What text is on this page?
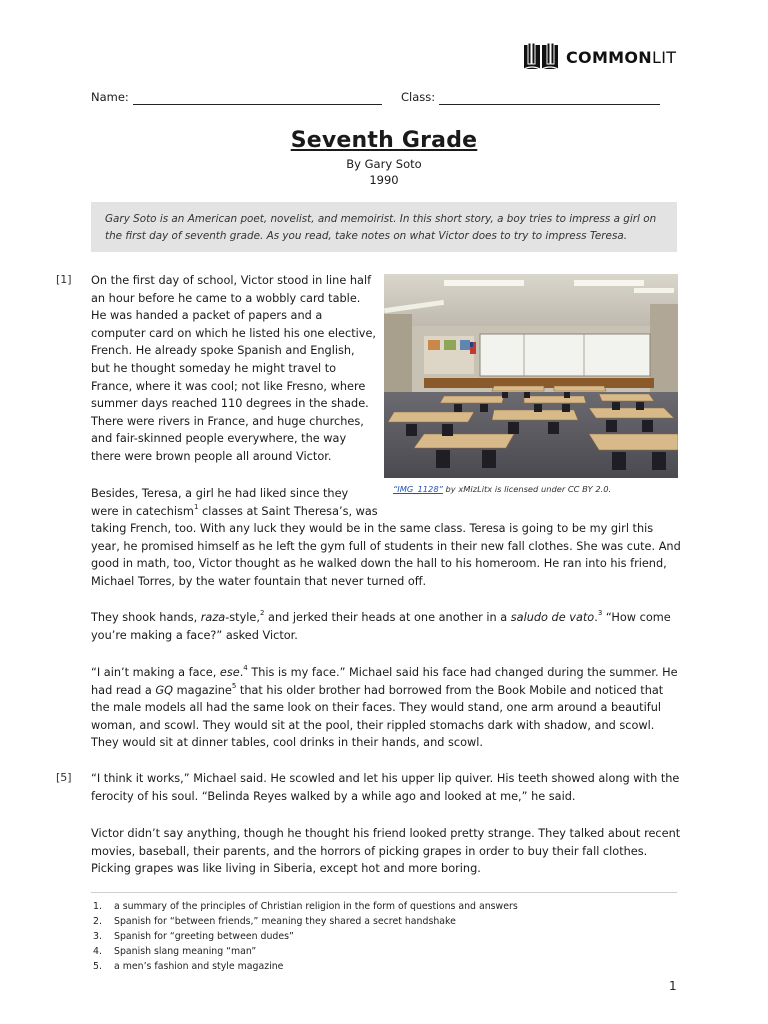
COMMONLIT
Name:	Class:
Seventh Grade
By Gary Soto
1990
Gary Soto is an American poet, novelist, and memoirist. In this short story, a boy tries to impress a girl on
the first day of seventh grade. As you read, take notes on what Victor does to try to impress Teresa.
[1] On the first day of school, Victor stood in line half
an hour before he came to a wobbly card table.
He was handed a packet of papers and a
computer card on which he listed his one elective,
French. He already spoke Spanish and English,
but he thought someday he might travel to
France, where it was cool; not like Fresno, where
summer days reached 110 degrees in the shade.
There were rivers in France, and huge churches,
and fair-skinned people everywhere, the way
there were brown people all around Victor.
“IMG_1128” by xMizLitx is licensed under CC BY 2.0.
Besides, Teresa, a girl he had liked since they
were in catechism$^1$ classes at Saint Theresa’s, was
taking French, too. With any luck they would be in the same class. Teresa is going to be my girl this
year, he promised himself as he left the gym full of students in their new fall clothes. She was cute. And
good in math, too, Victor thought as he walked down the hall to his homeroom. He ran into his friend,
Michael Torres, by the water fountain that never turned off.
They shook hands, raza-style,$^2$ and jerked their heads at one another in a saludo de vato.$^3$ “How come
you’re making a face?” asked Victor.
“I ain’t making a face, ese.$^4$ This is my face.” Michael said his face had changed during the summer. He
had read a GQ magazine$^5$ that his older brother had borrowed from the Book Mobile and noticed that
the male models all had the same look on their faces. They would stand, one arm around a beautiful
woman, and scowl. They would sit at the pool, their rippled stomachs dark with shadow, and scowl.
They would sit at dinner tables, cool drinks in their hands, and scowl.
[5] “I think it works,” Michael said. He scowled and let his upper lip quiver. His teeth showed along with the
ferocity of his soul. “Belinda Reyes walked by a while ago and looked at me,” he said.
Victor didn’t say anything, though he thought his friend looked pretty strange. They talked about recent
movies, baseball, their parents, and the horrors of picking grapes in order to buy their fall clothes.
Picking grapes was like living in Siberia, except hot and more boring.
1.	a summary of the principles of Christian religion in the form of questions and answers
2.	Spanish for “between friends,” meaning they shared a secret handshake
3.	Spanish for “greeting between dudes”
4.	Spanish slang meaning “man”
5.	a men’s fashion and style magazine
1
